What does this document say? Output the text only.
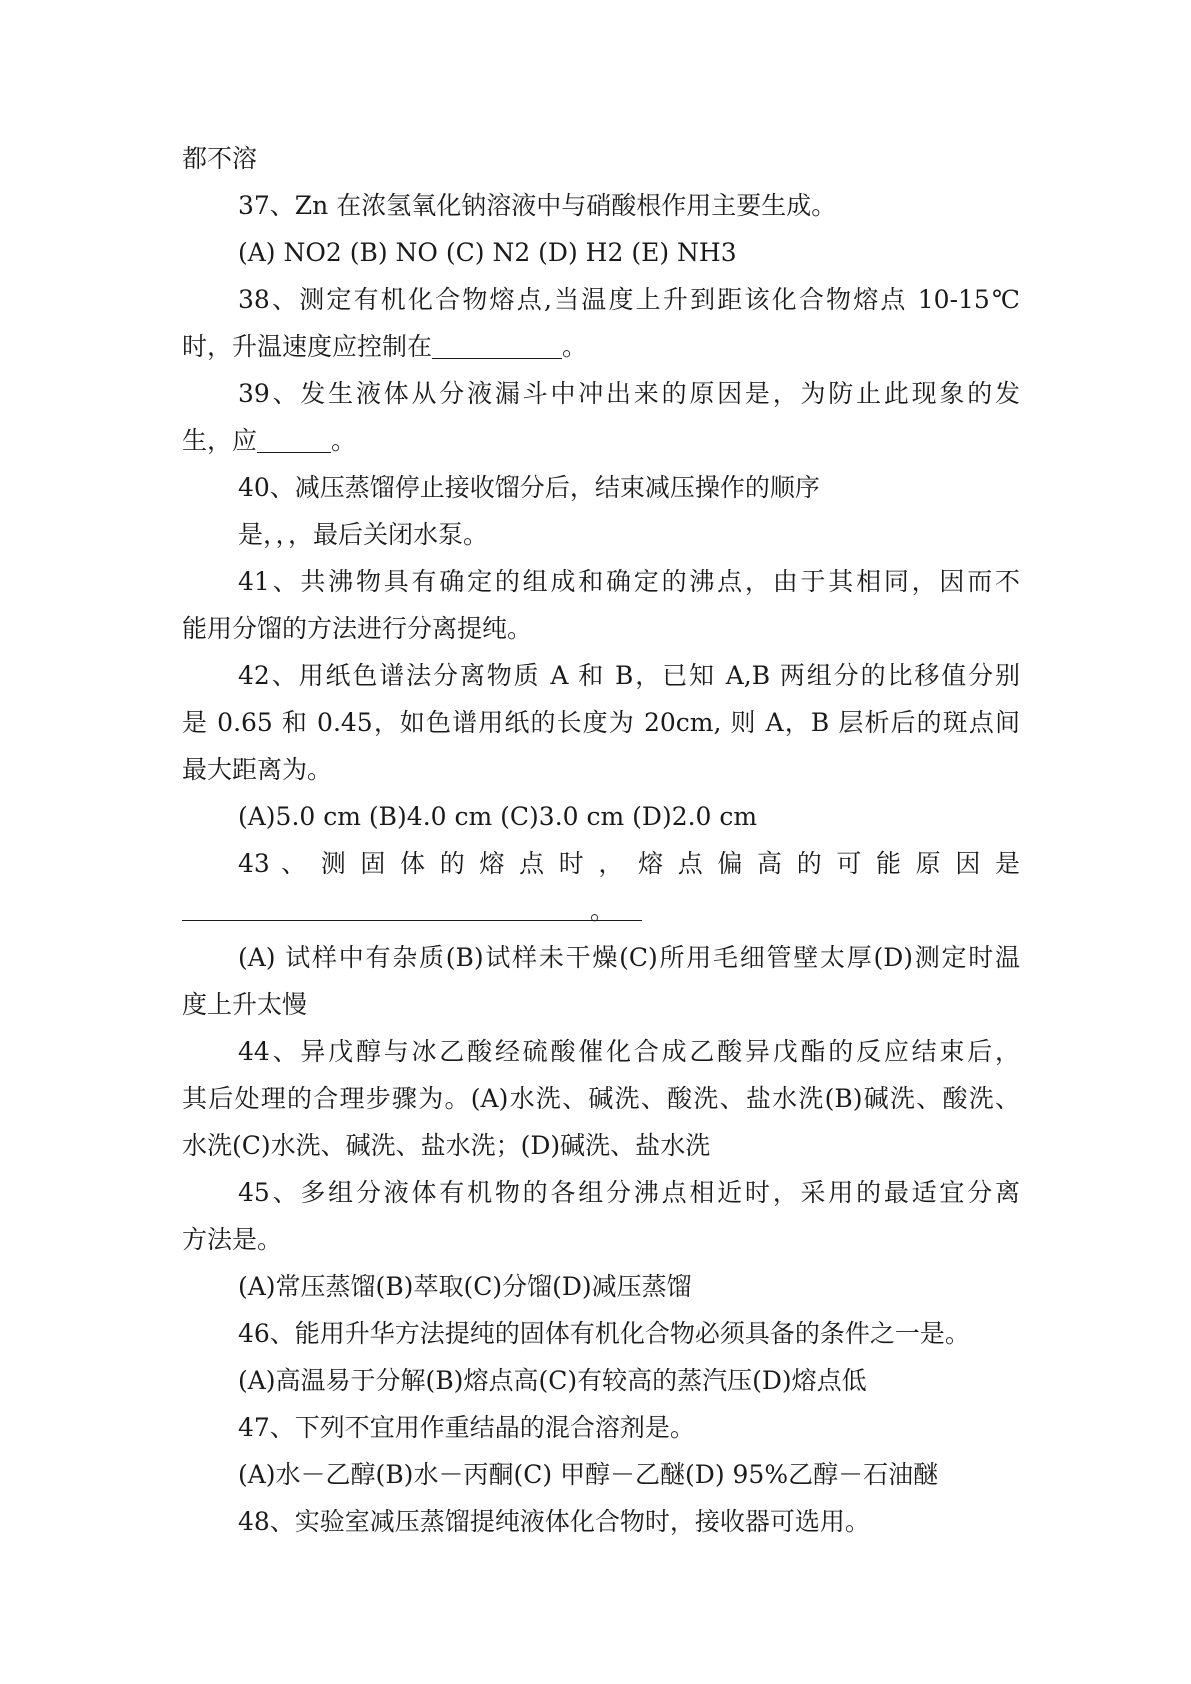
都不溶

37、Zn 在浓氢氧化钠溶液中与硝酸根作用主要生成。

(A) NO2 (B) NO (C) N2 (D) H2 (E) NH3

38、测定有机化合物熔点,当温度上升到距该化合物熔点 10-15℃

时，升温速度应控制在	。

39、发生液体从分液漏斗中冲出来的原因是，为防止此现象的发

生，应	。

40、减压蒸馏停止接收馏分后，结束减压操作的顺序

是，，，最后关闭水泵。

41、共沸物具有确定的组成和确定的沸点，由于其相同，因而不

能用分馏的方法进行分离提纯。

42、用纸色谱法分离物质 A 和 B，已知 A,B 两组分的比移值分别

是 0.65 和 0.45，如色谱用纸的长度为 20cm, 则 A，B 层析后的斑点间

最大距离为。

(A)5.0 cm (B)4.0 cm (C)3.0 cm (D)2.0 cm

43 、 测 固 体 的 熔 点 时 ， 熔 点 偏 高 的 可 能 原 因 是

。

(A) 试样中有杂质(B)试样未干燥(C)所用毛细管壁太厚(D)测定时温

度上升太慢

44、异戊醇与冰乙酸经硫酸催化合成乙酸异戊酯的反应结束后，

其后处理的合理步骤为。(A)水洗、碱洗、酸洗、盐水洗(B)碱洗、酸洗、

水洗(C)水洗、碱洗、盐水洗；(D)碱洗、盐水洗

45、多组分液体有机物的各组分沸点相近时，采用的最适宜分离

方法是。

(A)常压蒸馏(B)萃取(C)分馏(D)减压蒸馏

46、能用升华方法提纯的固体有机化合物必须具备的条件之一是。

(A)高温易于分解(B)熔点高(C)有较高的蒸汽压(D)熔点低

47、下列不宜用作重结晶的混合溶剂是。

(A)水－乙醇(B)水－丙酮(C) 甲醇－乙醚(D) 95%乙醇－石油醚

48、实验室减压蒸馏提纯液体化合物时，接收器可选用。
